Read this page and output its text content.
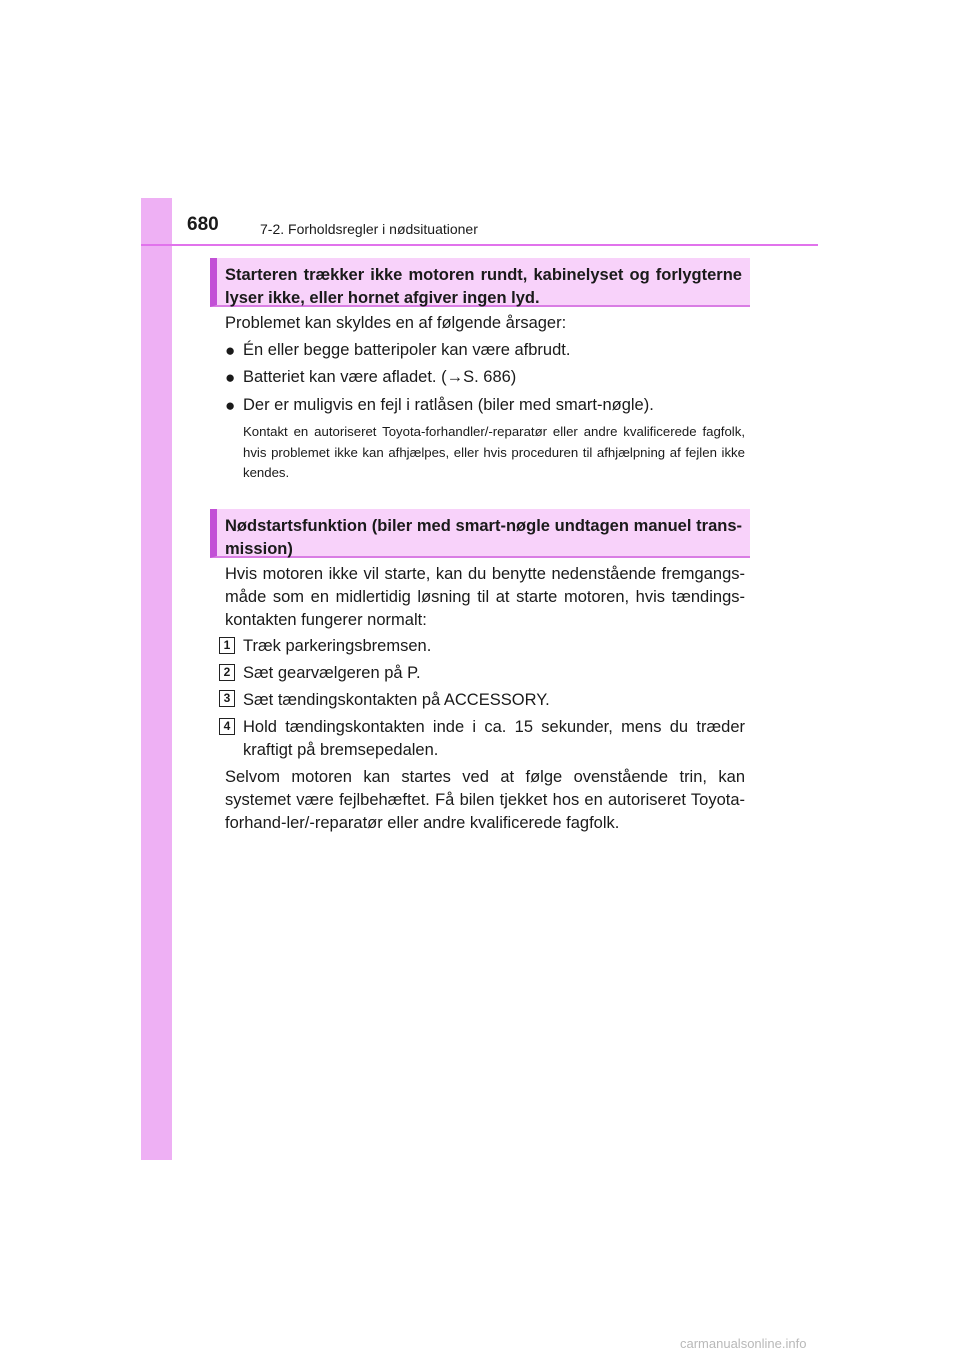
680	7-2. Forholdsregler i nødsituationer
Starteren trækker ikke motoren rundt, kabinelyset og forlygterne lyser ikke, eller hornet afgiver ingen lyd.
Problemet kan skyldes en af følgende årsager:
● Én eller begge batteripoler kan være afbrudt.
● Batteriet kan være afladet. (→S. 686)
● Der er muligvis en fejl i ratlåsen (biler med smart-nøgle).
Kontakt en autoriseret Toyota-forhandler/-reparatør eller andre kvalificerede fagfolk, hvis problemet ikke kan afhjælpes, eller hvis proceduren til afhjælpning af fejlen ikke kendes.
Nødstartsfunktion (biler med smart-nøgle undtagen manuel trans-mission)
Hvis motoren ikke vil starte, kan du benytte nedenstående fremgangs-måde som en midlertidig løsning til at starte motoren, hvis tændings-kontakten fungerer normalt:
1 Træk parkeringsbremsen.
2 Sæt gearvælgeren på P.
3 Sæt tændingskontakten på ACCESSORY.
4 Hold tændingskontakten inde i ca. 15 sekunder, mens du træder kraftigt på bremsepedalen.
Selvom motoren kan startes ved at følge ovenstående trin, kan systemet være fejlbehæftet. Få bilen tjekket hos en autoriseret Toyota-forhand-ler/-reparatør eller andre kvalificerede fagfolk.
carmanualsonline.info
